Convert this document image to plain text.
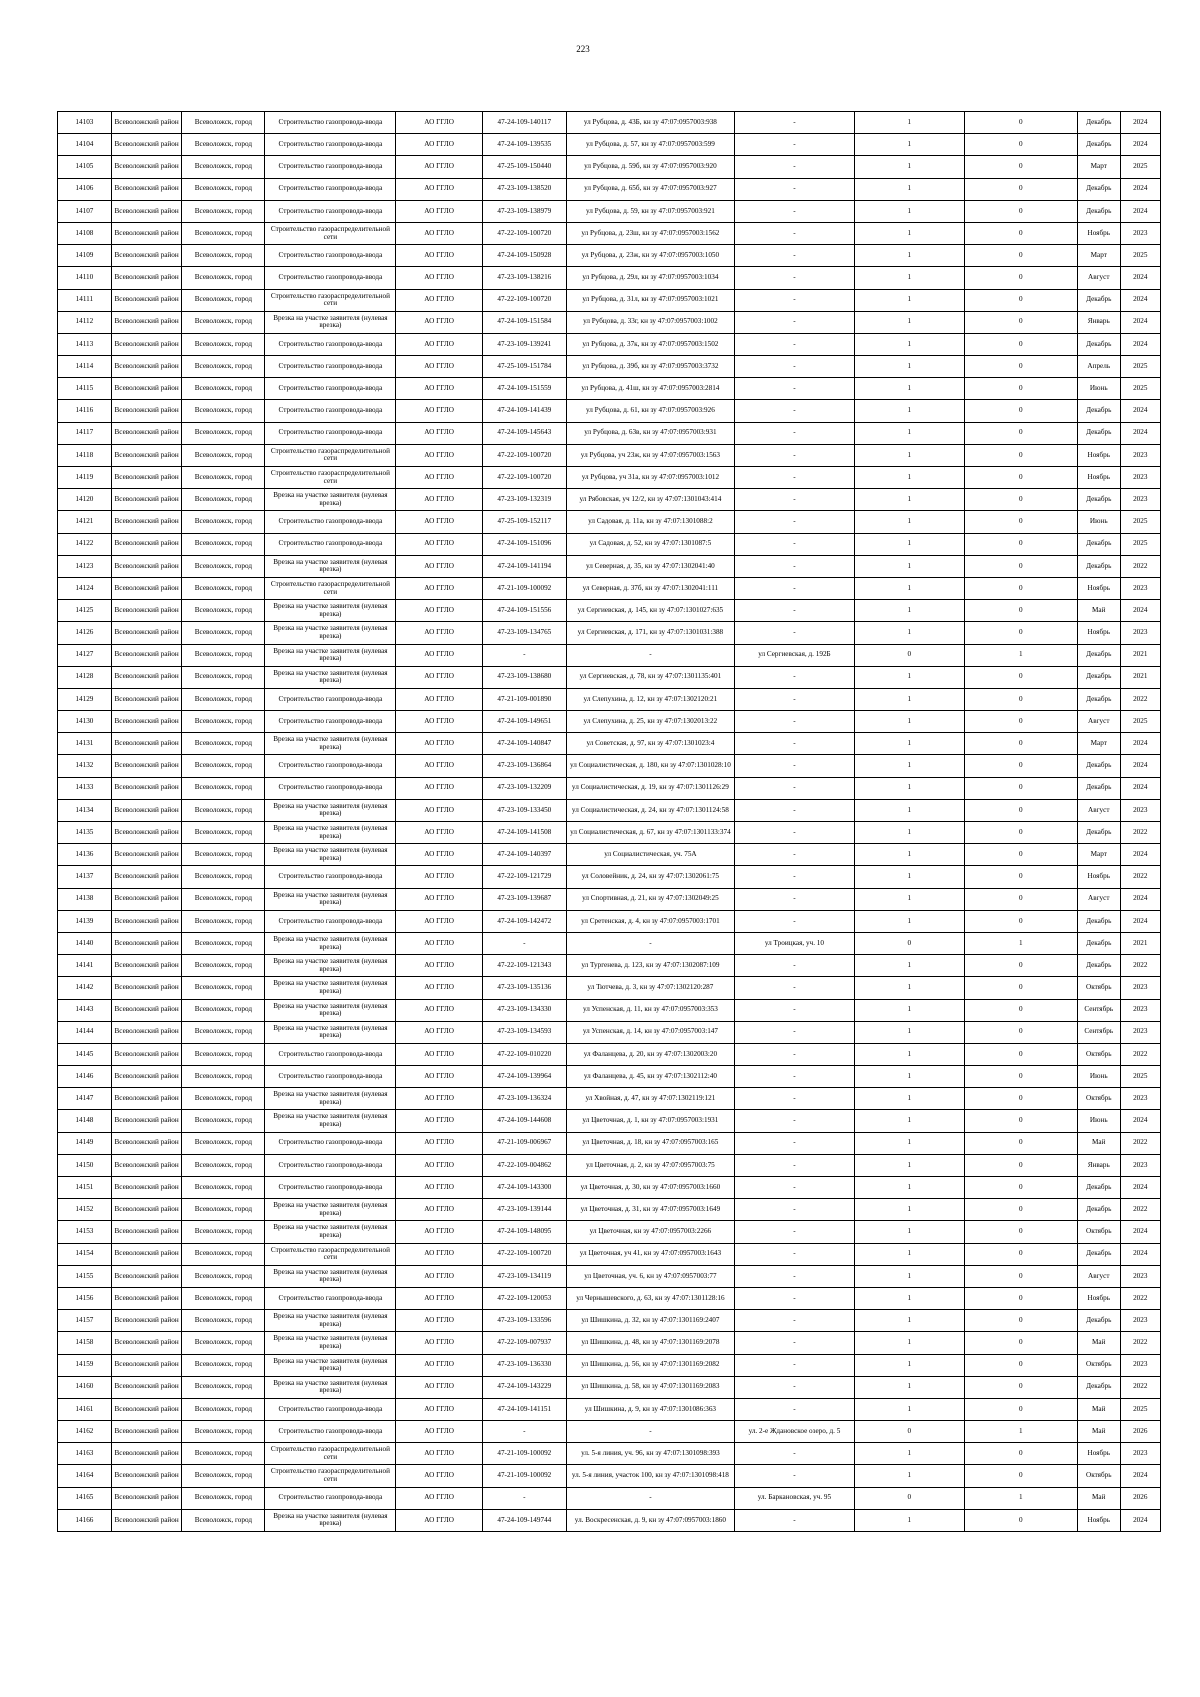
223
14103	Всеволожский район	Всеволожск, город	Строительство газопровода-ввода	АО ГГЛО	47-24-109-140117	ул Рубцова, д. 43Б, кн зу 47:07:0957003:938	-	1	0	Декабрь	2024
14104	Всеволожский район	Всеволожск, город	Строительство газопровода-ввода	АО ГГЛО	47-24-109-139535	ул Рубцова, д. 57, кн зу 47:07:0957003:599	-	1	0	Декабрь	2024
14105	Всеволожский район	Всеволожск, город	Строительство газопровода-ввода	АО ГГЛО	47-25-109-150440	ул Рубцова, д. 59б, кн зу 47:07:0957003:920	-	1	0	Март	2025
14106	Всеволожский район	Всеволожск, город	Строительство газопровода-ввода	АО ГГЛО	47-23-109-138520	ул Рубцова, д. 65б, кн зу 47:07:0957003:927	-	1	0	Декабрь	2024
14107	Всеволожский район	Всеволожск, город	Строительство газопровода-ввода	АО ГГЛО	47-23-109-138979	ул Рубцова, д. 59, кн зу 47:07:0957003:921	-	1	0	Декабрь	2024
14108	Всеволожский район	Всеволожск, город	Строительство газораспределительной сети	АО ГГЛО	47-22-109-100720	ул Рубцова, д. 23ш, кн зу 47:07:0957003:1562	-	1	0	Ноябрь	2023
14109	Всеволожский район	Всеволожск, город	Строительство газопровода-ввода	АО ГГЛО	47-24-109-150928	ул Рубцова, д. 23ж, кн зу 47:07:0957003:1050	-	1	0	Март	2025
14110	Всеволожский район	Всеволожск, город	Строительство газопровода-ввода	АО ГГЛО	47-23-109-138216	ул Рубцова, д. 29л, кн зу 47:07:0957003:1034	-	1	0	Август	2024
14111	Всеволожский район	Всеволожск, город	Строительство газораспределительной сети	АО ГГЛО	47-22-109-100720	ул Рубцова, д. 31л, кн зу 47:07:0957003:1021	-	1	0	Декабрь	2024
14112	Всеволожский район	Всеволожск, город	Врезка на участке заявителя (нулевая врезка)	АО ГГЛО	47-24-109-151584	ул Рубцова, д. 33г, кн зу 47:07:0957003:1002	-	1	0	Январь	2024
14113	Всеволожский район	Всеволожск, город	Строительство газопровода-ввода	АО ГГЛО	47-23-109-139241	ул Рубцова, д. 37к, кн зу 47:07:0957003:1502	-	1	0	Декабрь	2024
14114	Всеволожский район	Всеволожск, город	Строительство газопровода-ввода	АО ГГЛО	47-25-109-151784	ул Рубцова, д. 39б, кн зу 47:07:0957003:3732	-	1	0	Апрель	2025
14115	Всеволожский район	Всеволожск, город	Строительство газопровода-ввода	АО ГГЛО	47-24-109-151559	ул Рубцова, д. 41ш, кн зу 47:07:0957003:2814	-	1	0	Июнь	2025
14116	Всеволожский район	Всеволожск, город	Строительство газопровода-ввода	АО ГГЛО	47-24-109-141439	ул Рубцова, д. 61, кн зу 47:07:0957003:926	-	1	0	Декабрь	2024
14117	Всеволожский район	Всеволожск, город	Строительство газопровода-ввода	АО ГГЛО	47-24-109-145643	ул Рубцова, д. 63в, кн зу 47:07:0957003:931	-	1	0	Декабрь	2024
14118	Всеволожский район	Всеволожск, город	Строительство газораспределительной сети	АО ГГЛО	47-22-109-100720	ул Рубцова, уч 23ж, кн зу 47:07:0957003:1563	-	1	0	Ноябрь	2023
14119	Всеволожский район	Всеволожск, город	Строительство газораспределительной сети	АО ГГЛО	47-22-109-100720	ул Рубцова, уч 31а, кн зу 47:07:0957003:1012	-	1	0	Ноябрь	2023
14120	Всеволожский район	Всеволожск, город	Врезка на участке заявителя (нулевая врезка)	АО ГГЛО	47-23-109-132319	ул Рябовская, уч 12/2, кн зу 47:07:1301043:414	-	1	0	Декабрь	2023
14121	Всеволожский район	Всеволожск, город	Строительство газопровода-ввода	АО ГГЛО	47-25-109-152117	ул Садовая, д. 11а, кн зу 47:07:1301088:2	-	1	0	Июнь	2025
14122	Всеволожский район	Всеволожск, город	Строительство газопровода-ввода	АО ГГЛО	47-24-109-151096	ул Садовая, д. 52, кн зу 47:07:1301087:5	-	1	0	Декабрь	2025
14123	Всеволожский район	Всеволожск, город	Врезка на участке заявителя (нулевая врезка)	АО ГГЛО	47-24-109-141194	ул Северная, д. 35, кн зу 47:07:1302041:40	-	1	0	Декабрь	2022
14124	Всеволожский район	Всеволожск, город	Строительство газораспределительной сети	АО ГГЛО	47-21-109-100092	ул Северная, д. 37б, кн зу 47:07:1302041:111	-	1	0	Ноябрь	2023
14125	Всеволожский район	Всеволожск, город	Врезка на участке заявителя (нулевая врезка)	АО ГГЛО	47-24-109-151556	ул Сергиевская, д. 145, кн зу 47:07:1301027:635	-	1	0	Май	2024
14126	Всеволожский район	Всеволожск, город	Врезка на участке заявителя (нулевая врезка)	АО ГГЛО	47-23-109-134765	ул Сергиевская, д. 171, кн зу 47:07:1301031:388	-	1	0	Ноябрь	2023
14127	Всеволожский район	Всеволожск, город	Врезка на участке заявителя (нулевая врезка)	АО ГГЛО	-	-	ул Сергиевская, д. 192Б	0	1	Декабрь	2021
14128	Всеволожский район	Всеволожск, город	Врезка на участке заявителя (нулевая врезка)	АО ГГЛО	47-23-109-138680	ул Сергиевская, д. 78, кн зу 47:07:1301135:401	-	1	0	Декабрь	2021
14129	Всеволожский район	Всеволожск, город	Строительство газопровода-ввода	АО ГГЛО	47-21-109-001890	ул Слепухина, д. 12, кн зу 47:07:1302120:21	-	1	0	Декабрь	2022
14130	Всеволожский район	Всеволожск, город	Строительство газопровода-ввода	АО ГГЛО	47-24-109-149651	ул Слепухина, д. 25, кн зу 47:07:1302013:22	-	1	0	Август	2025
14131	Всеволожский район	Всеволожск, город	Врезка на участке заявителя (нулевая врезка)	АО ГГЛО	47-24-109-140847	ул Советская, д. 97, кн зу 47:07:1301023:4	-	1	0	Март	2024
14132	Всеволожский район	Всеволожск, город	Строительство газопровода-ввода	АО ГГЛО	47-23-109-136864	ул Социалистическая, д. 180, кн зу 47:07:1301028:10	-	1	0	Декабрь	2024
14133	Всеволожский район	Всеволожск, город	Строительство газопровода-ввода	АО ГГЛО	47-23-109-132209	ул Социалистическая, д. 19, кн зу 47:07:1301126:29	-	1	0	Декабрь	2024
14134	Всеволожский район	Всеволожск, город	Врезка на участке заявителя (нулевая врезка)	АО ГГЛО	47-23-109-133450	ул Социалистическая, д. 24, кн зу 47:07:1301124:58	-	1	0	Август	2023
14135	Всеволожский район	Всеволожск, город	Врезка на участке заявителя (нулевая врезка)	АО ГГЛО	47-24-109-141508	ул Социалистическая, д. 67, кн зу 47:07:1301133:374	-	1	0	Декабрь	2022
14136	Всеволожский район	Всеволожск, город	Врезка на участке заявителя (нулевая врезка)	АО ГГЛО	47-24-109-140397	ул Социалистическая, уч. 75А	-	1	0	Март	2024
14137	Всеволожский район	Всеволожск, город	Строительство газопровода-ввода	АО ГГЛО	47-22-109-121729	ул Соловейник, д. 24, кн зу 47:07:1302061:75	-	1	0	Ноябрь	2022
14138	Всеволожский район	Всеволожск, город	Врезка на участке заявителя (нулевая врезка)	АО ГГЛО	47-23-109-139687	ул Спортивная, д. 21, кн зу 47:07:1302049:25	-	1	0	Август	2024
14139	Всеволожский район	Всеволожск, город	Строительство газопровода-ввода	АО ГГЛО	47-24-109-142472	ул Сретенская, д. 4, кн зу 47:07:0957003:1701	-	1	0	Декабрь	2024
14140	Всеволожский район	Всеволожск, город	Врезка на участке заявителя (нулевая врезка)	АО ГГЛО	-	-	ул Троицкая, уч. 10	0	1	Декабрь	2021
14141	Всеволожский район	Всеволожск, город	Врезка на участке заявителя (нулевая врезка)	АО ГГЛО	47-22-109-121343	ул Тургенева, д. 123, кн зу 47:07:1302087:109	-	1	0	Декабрь	2022
14142	Всеволожский район	Всеволожск, город	Врезка на участке заявителя (нулевая врезка)	АО ГГЛО	47-23-109-135136	ул Тютчева, д. 3, кн зу 47:07:1302120:287	-	1	0	Октябрь	2023
14143	Всеволожский район	Всеволожск, город	Врезка на участке заявителя (нулевая врезка)	АО ГГЛО	47-23-109-134330	ул Успенская, д. 11, кн зу 47:07:0957003:353	-	1	0	Сентябрь	2023
14144	Всеволожский район	Всеволожск, город	Врезка на участке заявителя (нулевая врезка)	АО ГГЛО	47-23-109-134593	ул Успенская, д. 14, кн зу 47:07:0957003:147	-	1	0	Сентябрь	2023
14145	Всеволожский район	Всеволожск, город	Строительство газопровода-ввода	АО ГГЛО	47-22-109-010220	ул Фаланцева, д. 20, кн зу 47:07:1302003:20	-	1	0	Октябрь	2022
14146	Всеволожский район	Всеволожск, город	Строительство газопровода-ввода	АО ГГЛО	47-24-109-139964	ул Фаланцева, д. 45, кн зу 47:07:1302112:40	-	1	0	Июнь	2025
14147	Всеволожский район	Всеволожск, город	Врезка на участке заявителя (нулевая врезка)	АО ГГЛО	47-23-109-136324	ул Хвойная, д. 47, кн зу 47:07:1302119:121	-	1	0	Октябрь	2023
14148	Всеволожский район	Всеволожск, город	Врезка на участке заявителя (нулевая врезка)	АО ГГЛО	47-24-109-144608	ул Цветочная, д. 1, кн зу 47:07:0957003:1931	-	1	0	Июнь	2024
14149	Всеволожский район	Всеволожск, город	Строительство газопровода-ввода	АО ГГЛО	47-21-109-006967	ул Цветочная, д. 18, кн зу 47:07:0957003:165	-	1	0	Май	2022
14150	Всеволожский район	Всеволожск, город	Строительство газопровода-ввода	АО ГГЛО	47-22-109-004862	ул Цветочная, д. 2, кн зу 47:07:0957003:75	-	1	0	Январь	2023
14151	Всеволожский район	Всеволожск, город	Строительство газопровода-ввода	АО ГГЛО	47-24-109-143300	ул Цветочная, д. 30, кн зу 47:07:0957003:1660	-	1	0	Декабрь	2024
14152	Всеволожский район	Всеволожск, город	Врезка на участке заявителя (нулевая врезка)	АО ГГЛО	47-23-109-139144	ул Цветочная, д. 31, кн зу 47:07:0957003:1649	-	1	0	Декабрь	2022
14153	Всеволожский район	Всеволожск, город	Врезка на участке заявителя (нулевая врезка)	АО ГГЛО	47-24-109-148095	ул Цветочная, кн зу 47:07:0957003:2266	-	1	0	Октябрь	2024
14154	Всеволожский район	Всеволожск, город	Строительство газораспределительной сети	АО ГГЛО	47-22-109-100720	ул Цветочная, уч 41, кн зу 47:07:0957003:1643	-	1	0	Декабрь	2024
14155	Всеволожский район	Всеволожск, город	Врезка на участке заявителя (нулевая врезка)	АО ГГЛО	47-23-109-134119	ул Цветочная, уч. 6, кн зу 47:07:0957003:77	-	1	0	Август	2023
14156	Всеволожский район	Всеволожск, город	Строительство газопровода-ввода	АО ГГЛО	47-22-109-120053	ул Чернышевского, д. 63, кн зу 47:07:1301128:16	-	1	0	Ноябрь	2022
14157	Всеволожский район	Всеволожск, город	Врезка на участке заявителя (нулевая врезка)	АО ГГЛО	47-23-109-133596	ул Шишкина, д. 32, кн зу 47:07:1301169:2407	-	1	0	Декабрь	2023
14158	Всеволожский район	Всеволожск, город	Врезка на участке заявителя (нулевая врезка)	АО ГГЛО	47-22-109-007937	ул Шишкина, д. 48, кн зу 47:07:1301169:2078	-	1	0	Май	2022
14159	Всеволожский район	Всеволожск, город	Врезка на участке заявителя (нулевая врезка)	АО ГГЛО	47-23-109-136330	ул Шишкина, д. 56, кн зу 47:07:1301169:2082	-	1	0	Октябрь	2023
14160	Всеволожский район	Всеволожск, город	Врезка на участке заявителя (нулевая врезка)	АО ГГЛО	47-24-109-143229	ул Шишкина, д. 58, кн зу 47:07:1301169:2083	-	1	0	Декабрь	2022
14161	Всеволожский район	Всеволожск, город	Строительство газопровода-ввода	АО ГГЛО	47-24-109-141151	ул Шишкина, д. 9, кн зу 47:07:1301086:363	-	1	0	Май	2025
14162	Всеволожский район	Всеволожск, город	Строительство газопровода-ввода	АО ГГЛО	-	-	ул. 2-е Ждановское озеро, д. 5	0	1	Май	2026
14163	Всеволожский район	Всеволожск, город	Строительство газораспределительной сети	АО ГГЛО	47-21-109-100092	ул. 5-я линия, уч. 96, кн зу 47:07:1301098:393	-	1	0	Ноябрь	2023
14164	Всеволожский район	Всеволожск, город	Строительство газораспределительной сети	АО ГГЛО	47-21-109-100092	ул. 5-я линия, участок 100, кн зу 47:07:1301098:418	-	1	0	Октябрь	2024
14165	Всеволожский район	Всеволожск, город	Строительство газопровода-ввода	АО ГГЛО	-	-	ул. Баркановская, уч. 95	0	1	Май	2026
14166	Всеволожский район	Всеволожск, город	Врезка на участке заявителя (нулевая врезка)	АО ГГЛО	47-24-109-149744	ул. Воскресенская, д. 9, кн зу 47:07:0957003:1860	-	1	0	Ноябрь	2024
